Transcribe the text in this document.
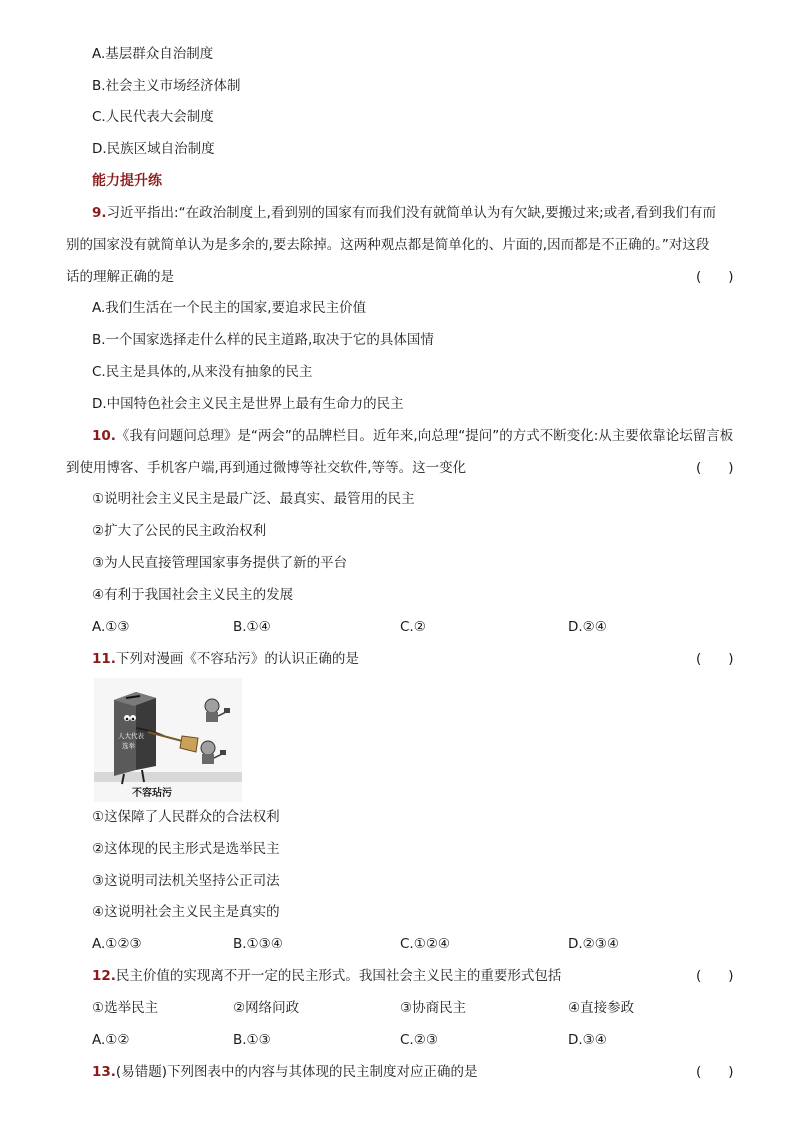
A.基层群众自治制度
B.社会主义市场经济体制
C.人民代表大会制度
D.民族区域自治制度
能力提升练
9.习近平指出:“在政治制度上,看到别的国家有而我们没有就简单认为有欠缺,要搬过来;或者,看到我们有而
别的国家没有就简单认为是多余的,要去除掉。这两种观点都是简单化的、片面的,因而都是不正确的。”对这段
话的理解正确的是	(　　)
A.我们生活在一个民主的国家,要追求民主价值
B.一个国家选择走什么样的民主道路,取决于它的具体国情
C.民主是具体的,从来没有抽象的民主
D.中国特色社会主义民主是世界上最有生命力的民主
10.《我有问题问总理》是“两会”的品牌栏目。近年来,向总理“提问”的方式不断变化:从主要依靠论坛留言板
到使用博客、手机客户端,再到通过微博等社交软件,等等。这一变化	(　　)
①说明社会主义民主是最广泛、最真实、最管用的民主
②扩大了公民的民主政治权利
③为人民直接管理国家事务提供了新的平台
④有利于我国社会主义民主的发展
A.①③	B.①④	C.②	D.②④
11.下列对漫画《不容玷污》的认识正确的是	(　　)
人大代表
选举
不容玷污
①这保障了人民群众的合法权利
②这体现的民主形式是选举民主
③这说明司法机关坚持公正司法
④这说明社会主义民主是真实的
A.①②③	B.①③④	C.①②④	D.②③④
12.民主价值的实现离不开一定的民主形式。我国社会主义民主的重要形式包括	(　　)
①选举民主	②网络问政	③协商民主	④直接参政
A.①②	B.①③	C.②③	D.③④
13.(易错题)下列图表中的内容与其体现的民主制度对应正确的是	(　　)
